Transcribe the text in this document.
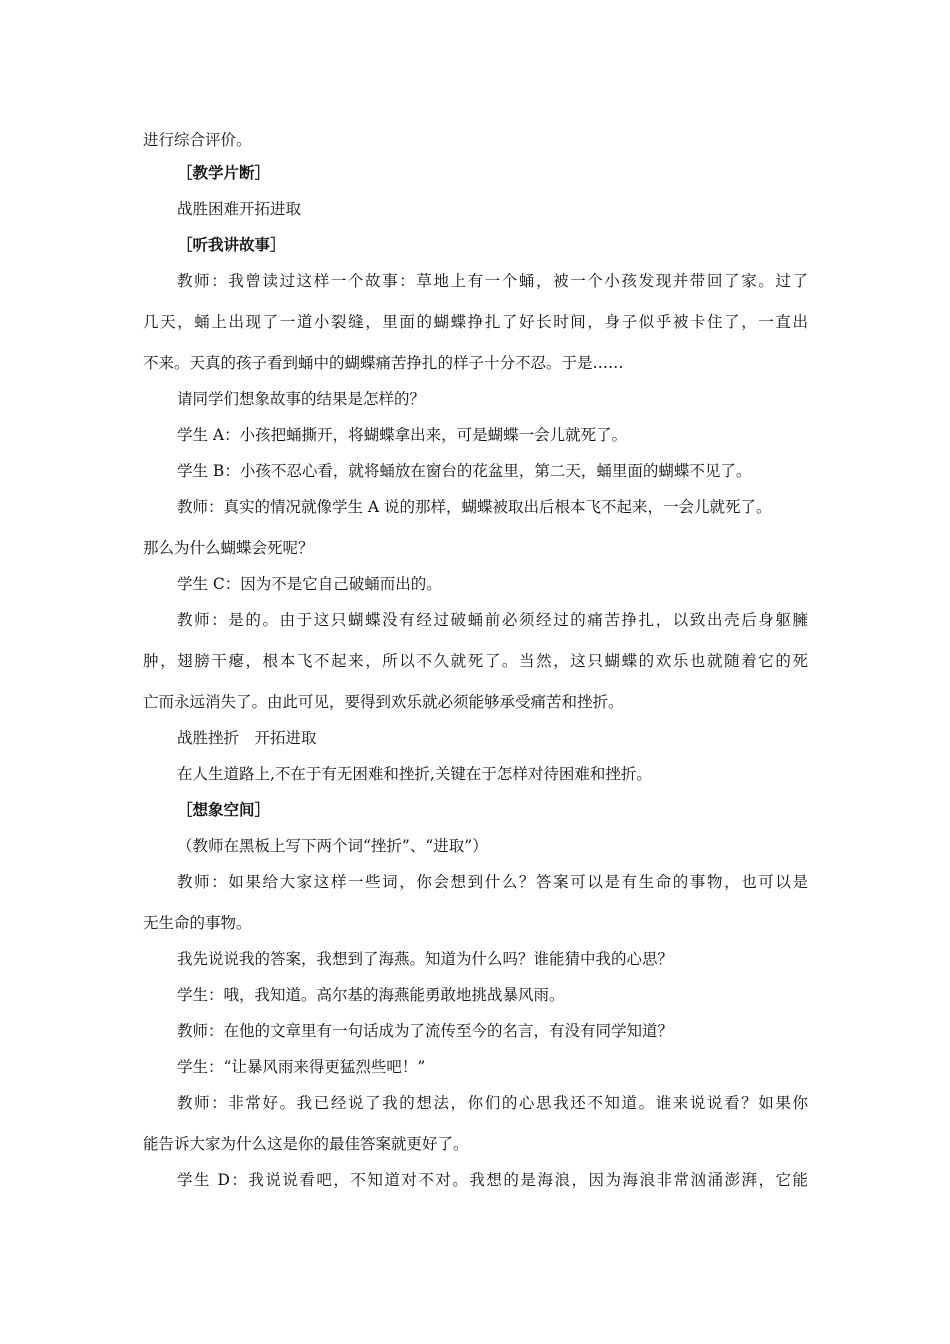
进行综合评价。
［教学片断］
战胜困难开拓进取
［听我讲故事］
教师：我曾读过这样一个故事：草地上有一个蛹，被一个小孩发现并带回了家。过了
几天，蛹上出现了一道小裂缝，里面的蝴蝶挣扎了好长时间，身子似乎被卡住了，一直出
不来。天真的孩子看到蛹中的蝴蝶痛苦挣扎的样子十分不忍。于是……
请同学们想象故事的结果是怎样的？
学生 A：小孩把蛹撕开，将蝴蝶拿出来，可是蝴蝶一会儿就死了。
学生 B：小孩不忍心看，就将蛹放在窗台的花盆里，第二天，蛹里面的蝴蝶不见了。
教师：真实的情况就像学生 A 说的那样，蝴蝶被取出后根本飞不起来，一会儿就死了。
那么为什么蝴蝶会死呢？
学生 C：因为不是它自己破蛹而出的。
教师：是的。由于这只蝴蝶没有经过破蛹前必须经过的痛苦挣扎，以致出壳后身躯臃
肿，翅膀干瘪，根本飞不起来，所以不久就死了。当然，这只蝴蝶的欢乐也就随着它的死
亡而永远消失了。由此可见，要得到欢乐就必须能够承受痛苦和挫折。
战胜挫折　开拓进取
在人生道路上,不在于有无困难和挫折,关键在于怎样对待困难和挫折。
［想象空间］
（教师在黑板上写下两个词“挫折”、“进取”）
教师：如果给大家这样一些词，你会想到什么？答案可以是有生命的事物，也可以是
无生命的事物。
我先说说我的答案，我想到了海燕。知道为什么吗？谁能猜中我的心思？
学生：哦，我知道。高尔基的海燕能勇敢地挑战暴风雨。
教师：在他的文章里有一句话成为了流传至今的名言，有没有同学知道？
学生：“让暴风雨来得更猛烈些吧！”
教师：非常好。我已经说了我的想法，你们的心思我还不知道。谁来说说看？如果你
能告诉大家为什么这是你的最佳答案就更好了。
学生 D：我说说看吧，不知道对不对。我想的是海浪，因为海浪非常汹涌澎湃，它能
